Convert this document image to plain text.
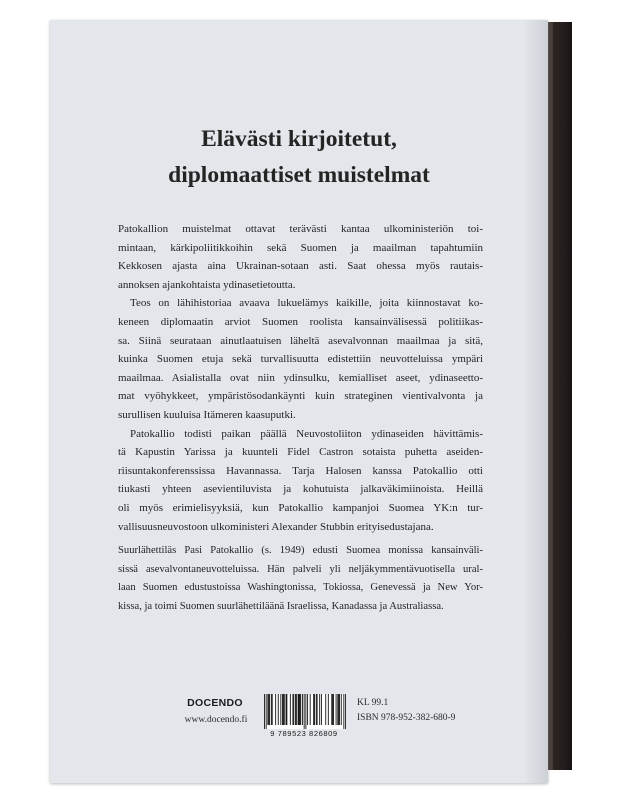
Elävästi kirjoitetut,
diplomaattiset muistelmat
Patokallion muistelmat ottavat terävästi kantaa ulkoministeriön toi-
mintaan, kärkipoliitikkoihin sekä Suomen ja maailman tapahtumiin
Kekkosen ajasta aina Ukrainan-sotaan asti. Saat ohessa myös rautais-
annoksen ajankohtaista ydinasetietoutta.
Teos on lähihistoriaa avaava lukuelämys kaikille, joita kiinnostavat ko-
keneen diplomaatin arviot Suomen roolista kansainvälisessä politiikas-
sa. Siinä seurataan ainutlaatuisen läheltä asevalvonnan maailmaa ja sitä,
kuinka Suomen etuja sekä turvallisuutta edistettiin neuvotteluissa ympäri
maailmaa. Asialistalla ovat niin ydinsulku, kemialliset aseet, ydinaseetto-
mat vyöhykkeet, ympäristösodankäynti kuin strateginen vientivalvonta ja
surullisen kuuluisa Itämeren kaasuputki.
Patokallio todisti paikan päällä Neuvostoliiton ydinaseiden hävittämis-
tä Kapustin Yarissa ja kuunteli Fidel Castron sotaista puhetta aseiden-
riisuntakonferenssissa Havannassa. Tarja Halosen kanssa Patokallio otti
tiukasti yhteen asevientiluvista ja kohutuista jalkaväkimiinoista. Heillä
oli myös erimielisyyksiä, kun Patokallio kampanjoi Suomea YK:n tur-
vallisuusneuvostoon ulkoministeri Alexander Stubbin erityisedustajana.
Suurlähettiläs Pasi Patokallio (s. 1949) edusti Suomea monissa kansainväli-
sissä asevalvontaneuvotteluissa. Hän palveli yli neljäkymmentävuotisella ural-
laan Suomen edustustoissa Washingtonissa, Tokiossa, Genevessä ja New Yor-
kissa, ja toimi Suomen suurlähettiläänä Israelissa, Kanadassa ja Australiassa.
DOCENDO
www.docendo.fi
9 789523 826809
KL 99.1
ISBN 978-952-382-680-9
